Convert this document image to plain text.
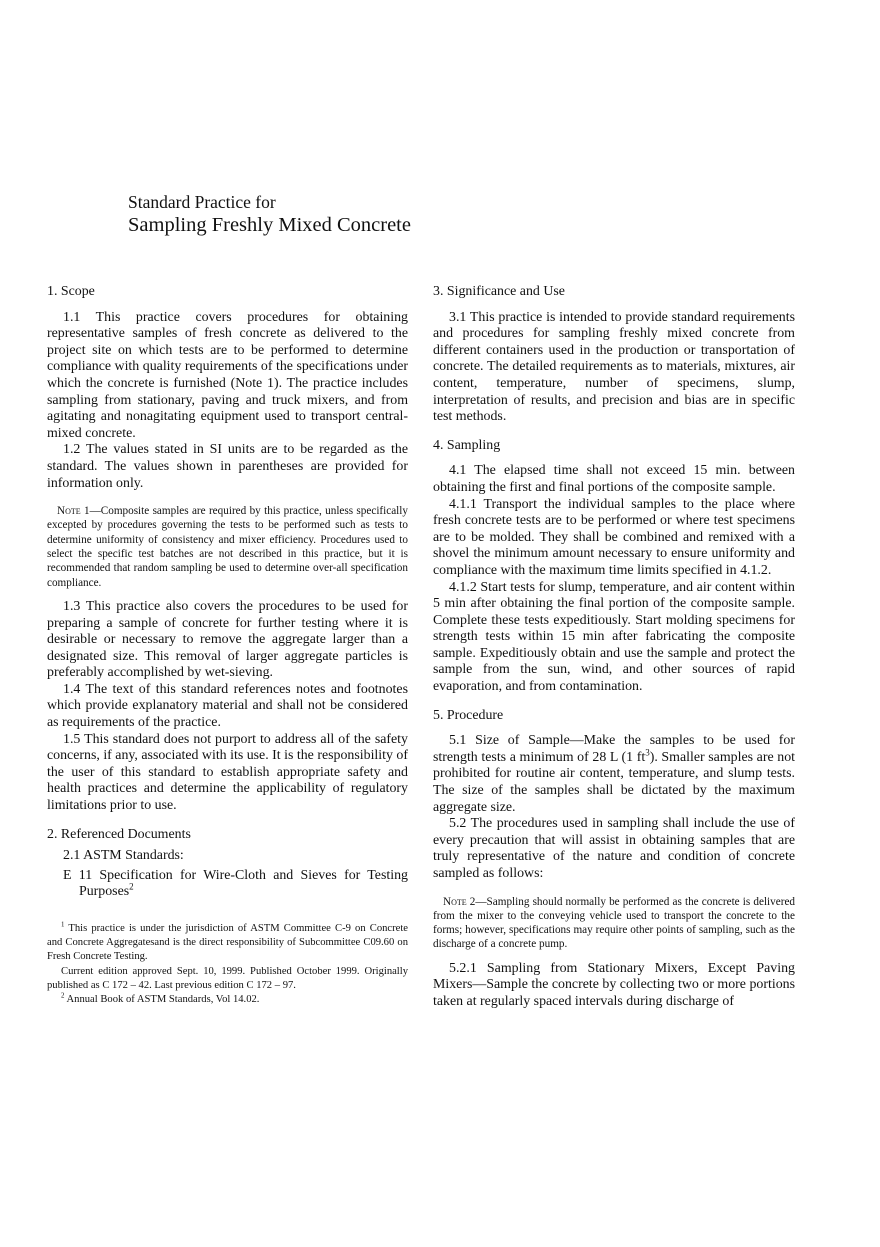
Standard Practice for
Sampling Freshly Mixed Concrete

1. Scope

1.1 This practice covers procedures for obtaining representative samples of fresh concrete as delivered to the project site on which tests are to be performed to determine compliance with quality requirements of the specifications under which the concrete is furnished (Note 1). The practice includes sampling from stationary, paving and truck mixers, and from agitating and nonagitating equipment used to transport central-mixed concrete.

1.2 The values stated in SI units are to be regarded as the standard. The values shown in parentheses are provided for information only.

Note 1—Composite samples are required by this practice, unless specifically excepted by procedures governing the tests to be performed such as tests to determine uniformity of consistency and mixer efficiency. Procedures used to select the specific test batches are not described in this practice, but it is recommended that random sampling be used to determine over-all specification compliance.

1.3 This practice also covers the procedures to be used for preparing a sample of concrete for further testing where it is desirable or necessary to remove the aggregate larger than a designated size. This removal of larger aggregate particles is preferably accomplished by wet-sieving.

1.4 The text of this standard references notes and footnotes which provide explanatory material and shall not be considered as requirements of the practice.

1.5 This standard does not purport to address all of the safety concerns, if any, associated with its use. It is the responsibility of the user of this standard to establish appropriate safety and health practices and determine the applicability of regulatory limitations prior to use.

2. Referenced Documents

2.1 ASTM Standards:

E 11 Specification for Wire-Cloth and Sieves for Testing Purposes$^2$

$^1$ This practice is under the jurisdiction of ASTM Committee C-9 on Concrete and Concrete Aggregatesand is the direct responsibility of Subcommittee C09.60 on Fresh Concrete Testing.

Current edition approved Sept. 10, 1999. Published October 1999. Originally published as C 172 – 42. Last previous edition C 172 – 97.

$^2$ Annual Book of ASTM Standards, Vol 14.02.

3. Significance and Use

3.1 This practice is intended to provide standard requirements and procedures for sampling freshly mixed concrete from different containers used in the production or transportation of concrete. The detailed requirements as to materials, mixtures, air content, temperature, number of specimens, slump, interpretation of results, and precision and bias are in specific test methods.

4. Sampling

4.1 The elapsed time shall not exceed 15 min. between obtaining the first and final portions of the composite sample.

4.1.1 Transport the individual samples to the place where fresh concrete tests are to be performed or where test specimens are to be molded. They shall be combined and remixed with a shovel the minimum amount necessary to ensure uniformity and compliance with the maximum time limits specified in 4.1.2.

4.1.2 Start tests for slump, temperature, and air content within 5 min after obtaining the final portion of the composite sample. Complete these tests expeditiously. Start molding specimens for strength tests within 15 min after fabricating the composite sample. Expeditiously obtain and use the sample and protect the sample from the sun, wind, and other sources of rapid evaporation, and from contamination.

5. Procedure

5.1 Size of Sample—Make the samples to be used for strength tests a minimum of 28 L (1 $ft^3$). Smaller samples are not prohibited for routine air content, temperature, and slump tests. The size of the samples shall be dictated by the maximum aggregate size.

5.2 The procedures used in sampling shall include the use of every precaution that will assist in obtaining samples that are truly representative of the nature and condition of concrete sampled as follows:

Note 2—Sampling should normally be performed as the concrete is delivered from the mixer to the conveying vehicle used to transport the concrete to the forms; however, specifications may require other points of sampling, such as the discharge of a concrete pump.

5.2.1 Sampling from Stationary Mixers, Except Paving Mixers—Sample the concrete by collecting two or more portions taken at regularly spaced intervals during discharge of
